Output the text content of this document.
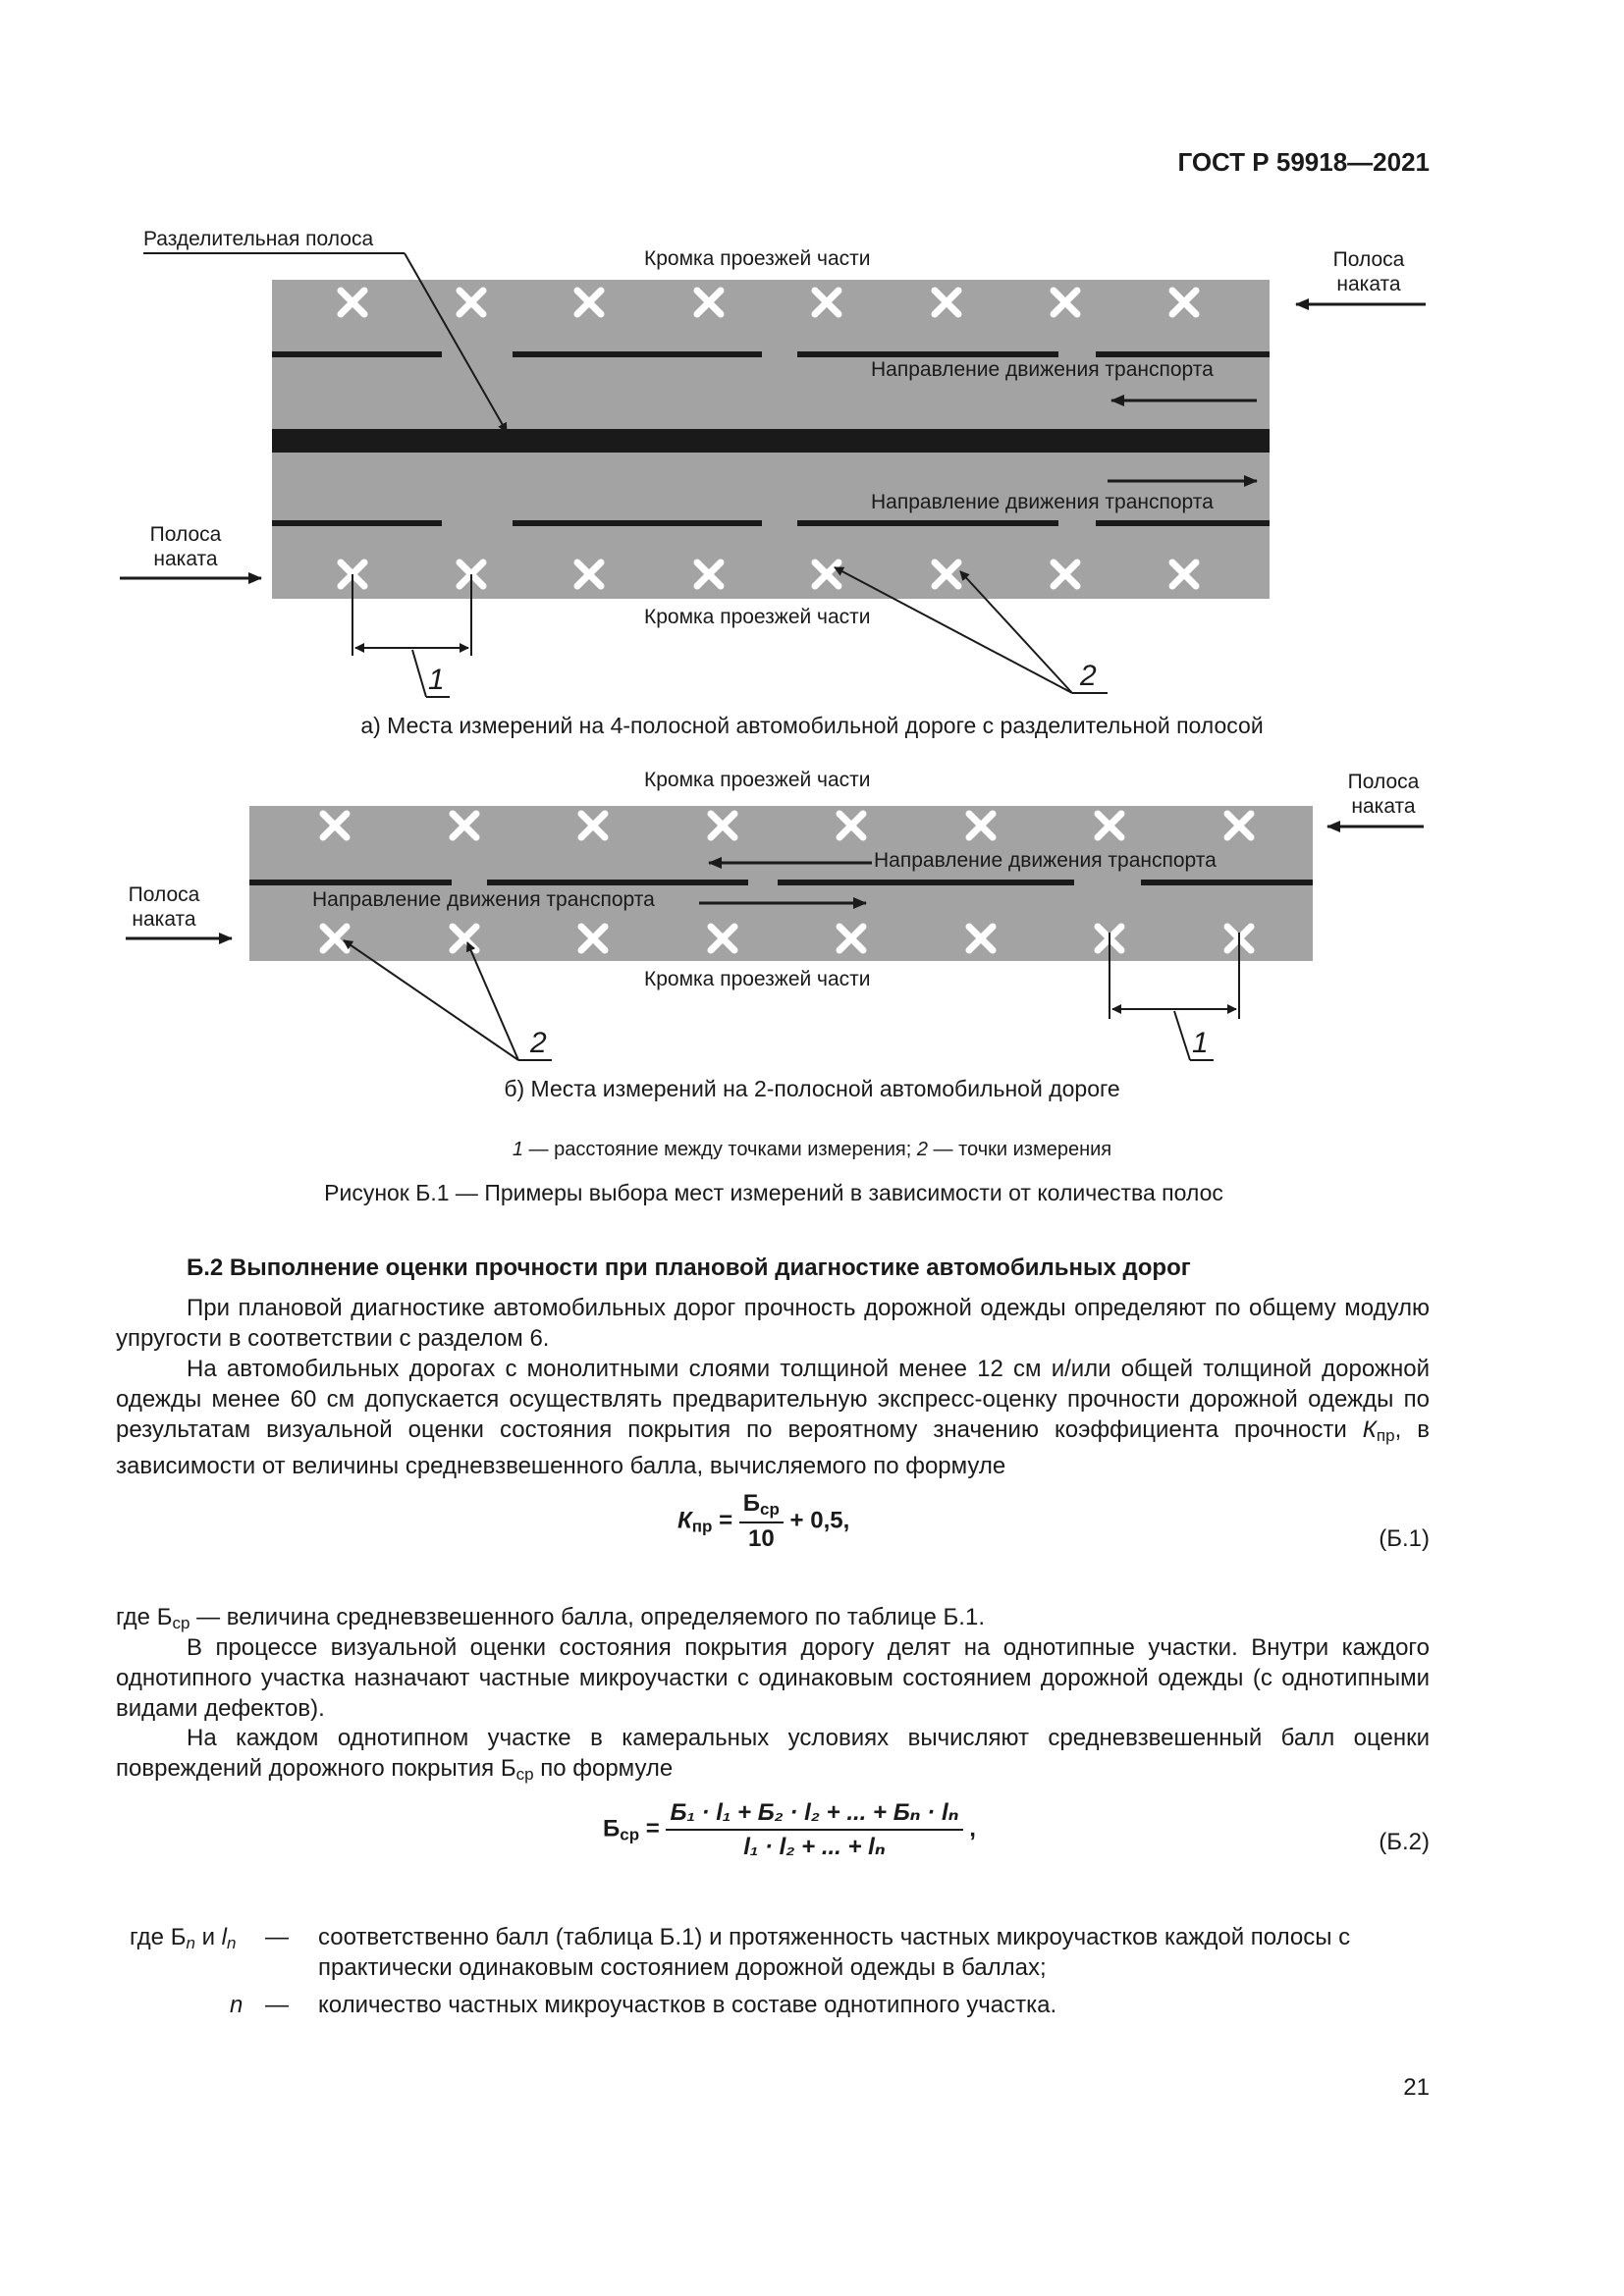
ГОСТ Р 59918—2021
Разделительная полоса
Кромка проезжей части	Полоса наката
Направление движения транспорта
Направление движения транспорта
Полоса наката
Кромка проезжей части
1	2
а) Места измерений на 4-полосной автомобильной дороге с разделительной полосой
Кромка проезжей части	Полоса наката
Направление движения транспорта
Направление движения транспорта
Полоса наката
Кромка проезжей части
2	1
б) Места измерений на 2-полосной автомобильной дороге
1 — расстояние между точками измерения; 2 — точки измерения
Рисунок Б.1 — Примеры выбора мест измерений в зависимости от количества полос
Б.2 Выполнение оценки прочности при плановой диагностике автомобильных дорог
При плановой диагностике автомобильных дорог прочность дорожной одежды определяют по общему модулю упругости в соответствии с разделом 6.
На автомобильных дорогах с монолитными слоями толщиной менее 12 см и/или общей толщиной дорожной одежды менее 60 см допускается осуществлять предварительную экспресс-оценку прочности дорожной одежды по результатам визуальной оценки состояния покрытия по вероятному значению коэффициента прочности $К_{пр}$, в зависимости от величины средневзвешенного балла, вычисляемого по формуле
$К_{пр} = \frac{Б_{ср}}{10} + 0,5$,
(Б.1)
где $Б_{ср}$ — величина средневзвешенного балла, определяемого по таблице Б.1.
В процессе визуальной оценки состояния покрытия дорогу делят на однотипные участки. Внутри каждого однотипного участка назначают частные микроучастки с одинаковым состоянием дорожной одежды (с однотипными видами дефектов).
На каждом однотипном участке в камеральных условиях вычисляют средневзвешенный балл оценки повреждений дорожного покрытия $Б_{ср}$ по формуле
$Б_{ср} = \frac{\text{Б₁ · l₁ + Б₂ · l₂ + ... + Бₙ · lₙ}}{\text{l₁ · l₂ + ... + lₙ}}$ ,
(Б.2)
где $Б_n$ и $l_n$	— соответственно балл (таблица Б.1) и протяженность частных микроучастков каждой полосы с практически одинаковым состоянием дорожной одежды в баллах;
n — количество частных микроучастков в составе однотипного участка.
21
